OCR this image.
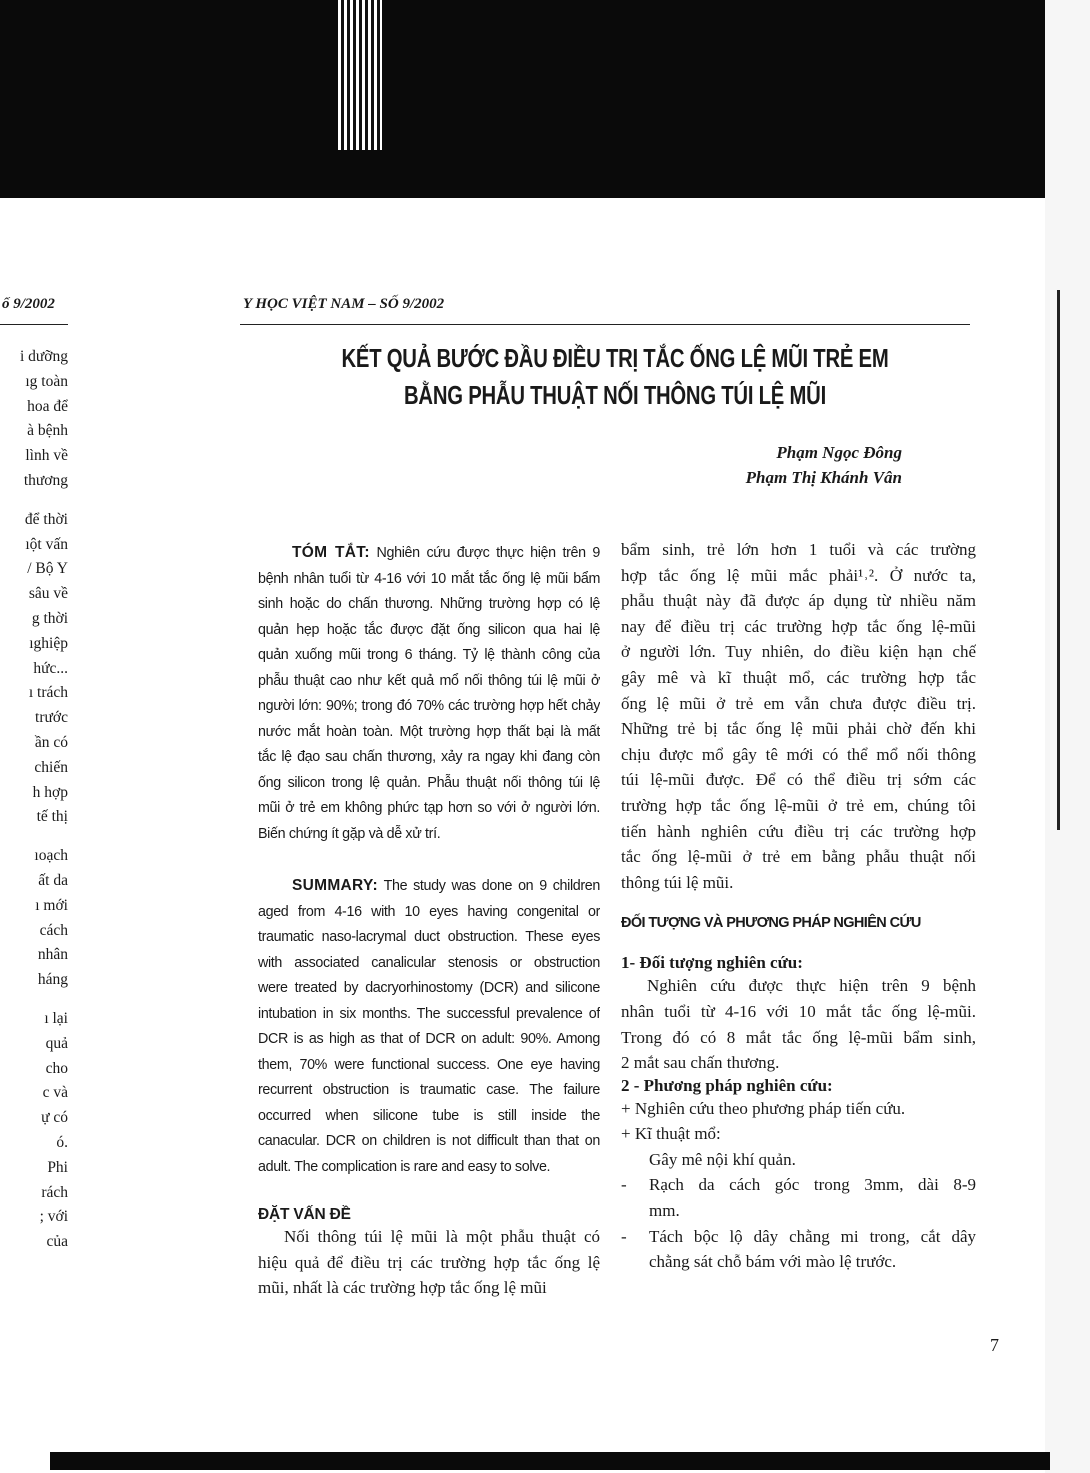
ố 9/2002
i dưỡng
ıg toàn
hoa để
à bệnh
lình về
thương
để thời
ıột vấn
/ Bộ Y
sâu về
g thời
ıghiệp
hức...
ı trách
trước
ần có
chiến
h hợp
tế thị
ıoạch
ất da
ı mới
cách
nhân
háng
ı lại
quả
cho
c và
ự có
ó.
Phi
rách
; với
của
Y HỌC VIỆT NAM – SỐ 9/2002
KẾT QUẢ BƯỚC ĐẦU ĐIỀU TRỊ TẮC ỐNG LỆ MŨI TRẺ EM
BẰNG PHẪU THUẬT NỐI THÔNG TÚI LỆ MŨI
Phạm Ngọc Đông
Phạm Thị Khánh Vân
TÓM TẮT: Nghiên cứu được thực hiện trên 9
bệnh nhân tuổi từ 4-16 với 10 mắt tắc ống lệ mũi bẩm
sinh hoặc do chấn thương. Những trường hợp có lệ
quản hẹp hoặc tắc được đặt ống silicon qua hai lệ
quản xuống mũi trong 6 tháng. Tỷ lệ thành công của
phẫu thuật cao như kết quả mổ nối thông túi lệ mũi ở
người lớn: 90%; trong đó 70% các trường hợp hết chảy
nước mắt hoàn toàn. Một trường hợp thất bại là mất
tắc lệ đạo sau chấn thương, xảy ra ngay khi đang còn
ống silicon trong lệ quản. Phẫu thuật nối thông túi lệ
mũi ở trẻ em không phức tạp hơn so với ở người lớn.
Biến chứng ít gặp và dễ xử trí.
SUMMARY: The study was done on 9 children
aged from 4-16 with 10 eyes having congenital or
traumatic naso-lacrymal duct obstruction. These eyes
with associated canalicular stenosis or obstruction
were treated by dacryorhinostomy (DCR) and silicone
intubation in six months. The successful prevalence of
DCR is as high as that of DCR on adult: 90%. Among
them, 70% were functional success. One eye having
recurrent obstruction is traumatic case. The failure
occurred when silicone tube is still inside the
canacular. DCR on children is not difficult than that on
adult. The complication is rare and easy to solve.
ĐẶT VẤN ĐỀ
Nối thông túi lệ mũi là một phẫu thuật có
hiệu quả để điều trị các trường hợp tắc ống lệ
mũi, nhất là các trường hợp tắc ống lệ mũi
bẩm sinh, trẻ lớn hơn 1 tuổi và các trường
hợp tắc ống lệ mũi mắc phải¹˒². Ở nước ta,
phẫu thuật này đã được áp dụng từ nhiều năm
nay để điều trị các trường hợp tắc ống lệ-mũi
ở người lớn. Tuy nhiên, do điều kiện hạn chế
gây mê và kĩ thuật mổ, các trường hợp tắc
ống lệ mũi ở trẻ em vẫn chưa được điều trị.
Những trẻ bị tắc ống lệ mũi phải chờ đến khi
chịu được mổ gây tê mới có thể mổ nối thông
túi lệ-mũi được. Để có thể điều trị sớm các
trường hợp tắc ống lệ-mũi ở trẻ em, chúng tôi
tiến hành nghiên cứu điều trị các trường hợp
tắc ống lệ-mũi ở trẻ em bằng phẫu thuật nối
thông túi lệ mũi.
ĐỐI TƯỢNG VÀ PHƯƠNG PHÁP NGHIÊN CỨU
1- Đối tượng nghiên cứu:
Nghiên cứu được thực hiện trên 9 bệnh
nhân tuổi từ 4-16 với 10 mắt tắc ống lệ-mũi.
Trong đó có 8 mắt tắc ống lệ-mũi bẩm sinh,
2 mắt sau chấn thương.
2 - Phương pháp nghiên cứu:
+ Nghiên cứu theo phương pháp tiến cứu.
+ Kĩ thuật mổ:
Gây mê nội khí quản.
-	Rạch da cách góc trong 3mm, dài 8-9
mm.
-	Tách bộc lộ dây chằng mi trong, cắt dây
chằng sát chỗ bám với mào lệ trước.
7
